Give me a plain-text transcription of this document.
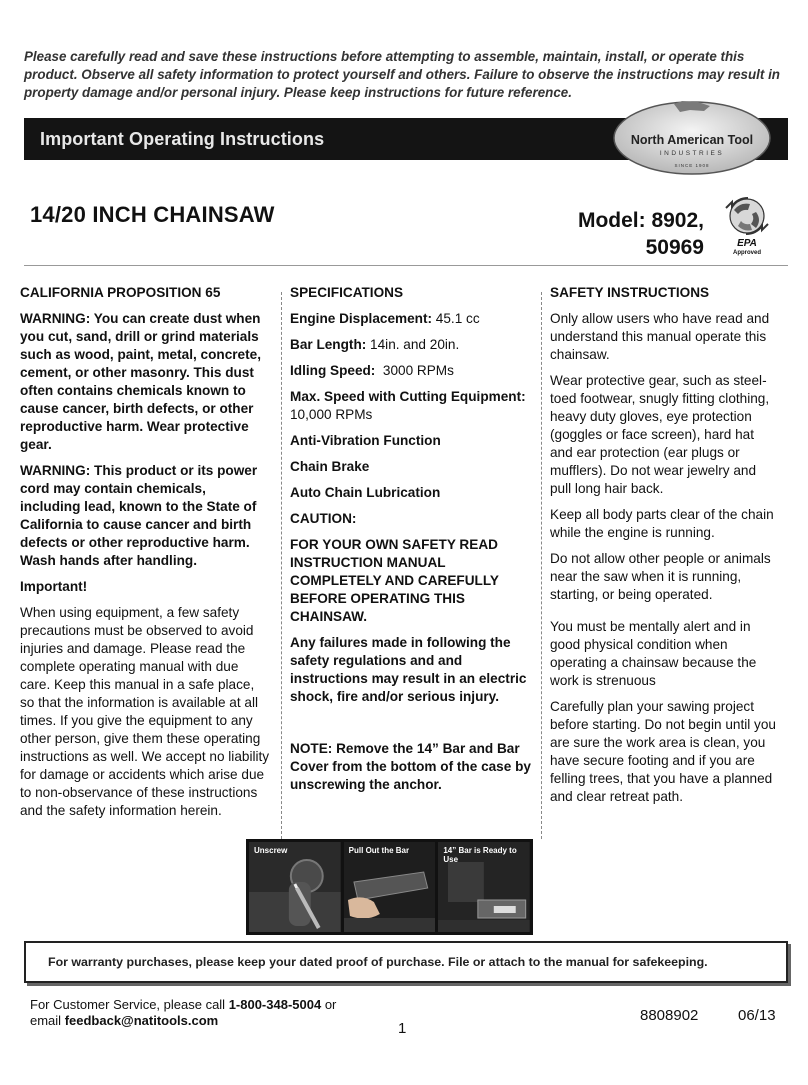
Please carefully read and save these instructions before attempting to assemble, maintain, install, or operate this product. Observe all safety information to protect yourself and others. Failure to observe the instructions may result in property damage and/or personal injury. Please keep instructions for future reference.
Important Operating Instructions	North American Tool
INDUSTRIES
SINCE 1908
14/20 INCH CHAINSAW	Model: 8902,
50969	EPA
Approved

CALIFORNIA PROPOSITION 65

WARNING: You can create dust when you cut, sand, drill or grind materials such as wood, paint, metal, concrete, cement, or other masonry. This dust often contains chemicals known to cause cancer, birth defects, or other reproductive harm. Wear protective gear.

WARNING: This product or its power cord may contain chemicals, including lead, known to the State of California to cause cancer and birth defects or other reproductive harm. Wash hands after handling.

Important!

When using equipment, a few safety precautions must be observed to avoid injuries and damage. Please read the complete operating manual with due care. Keep this manual in a safe place, so that the information is available at all times. If you give the equipment to any other person, give them these operating instructions as well. We accept no liability for damage or accidents which arise due to non-observance of these instructions and the safety information herein.

SPECIFICATIONS

Engine Displacement: 45.1 cc

Bar Length: 14in. and 20in.

Idling Speed:  3000 RPMs

Max. Speed with Cutting Equipment: 10,000 RPMs

Anti-Vibration Function

Chain Brake

Auto Chain Lubrication

CAUTION:

FOR YOUR OWN SAFETY READ INSTRUCTION MANUAL COMPLETELY AND CAREFULLY BEFORE OPERATING THIS CHAINSAW.

Any failures made in following the safety regulations and and instructions may result in an electric shock, fire and/or serious injury.

NOTE: Remove the 14” Bar and Bar Cover from the bottom of the case by unscrewing the anchor.

Unscrew	Pull Out the Bar	14” Bar is Ready to Use

SAFETY INSTRUCTIONS

Only allow users who have read and understand this manual operate this chainsaw.

Wear protective gear, such as steel-toed footwear, snugly fitting clothing, heavy duty gloves, eye protection (goggles or face screen), hard hat and ear protection (ear plugs or mufflers). Do not wear jewelry and pull long hair back.

Keep all body parts clear of the chain while the engine is running.

Do not allow other people or animals near the saw when it is running, starting, or being operated.

You must be mentally alert and in good physical condition when operating a chainsaw because the work is strenuous

Carefully plan your sawing project before starting. Do not begin until you are sure the work area is clean, you have secure footing and if you are felling trees, that you have a planned and clear retreat path.

For warranty purchases, please keep your dated proof of purchase. File or attach to the manual for safekeeping.
For Customer Service, please call 1-800-348-5004 or
email feedback@natitools.com	1
8808902	06/13
